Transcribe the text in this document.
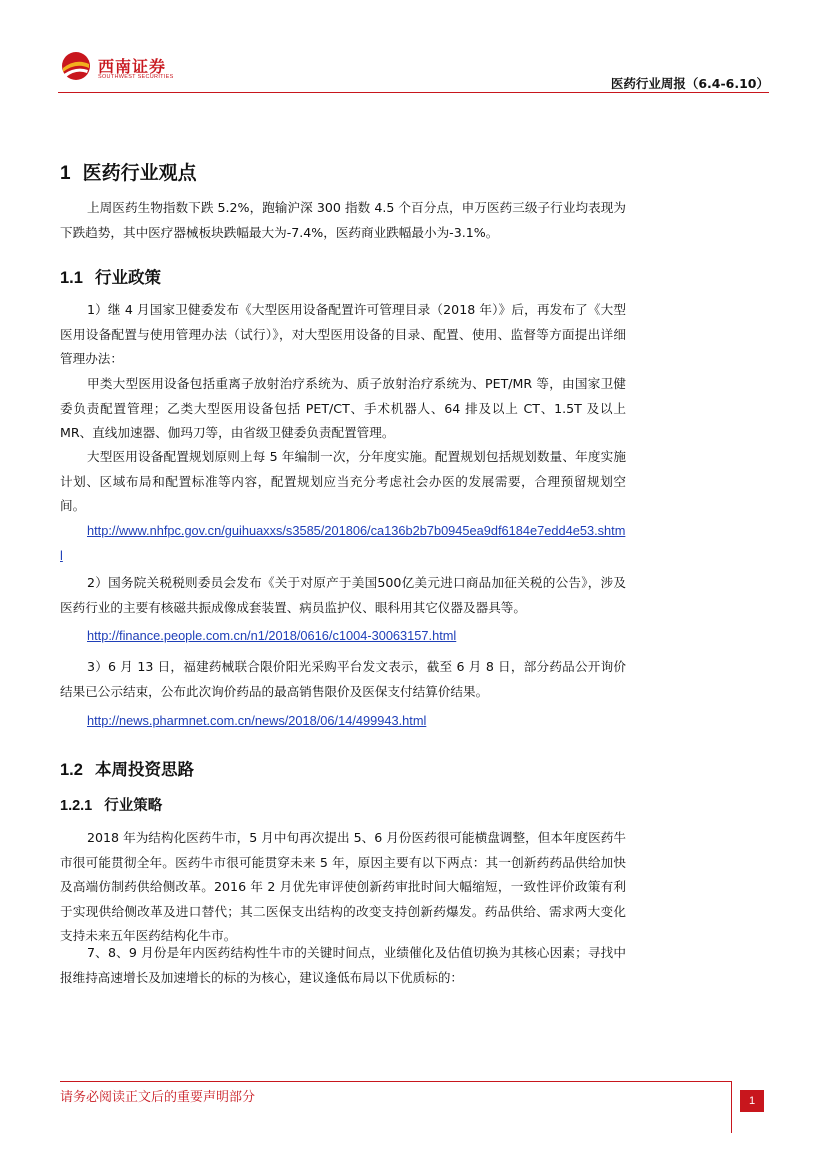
西南证券
SOUTHWEST SECURITIES	医药行业周报（6.4-6.10）
1 医药行业观点

上周医药生物指数下跌 5.2%，跑输沪深 300 指数 4.5 个百分点，申万医药三级子行业均表现为下跌趋势，其中医疗器械板块跌幅最大为-7.4%，医药商业跌幅最小为-3.1%。

1.1 行业政策

1）继 4 月国家卫健委发布《大型医用设备配置许可管理目录（2018 年）》后，再发布了《大型医用设备配置与使用管理办法（试行）》，对大型医用设备的目录、配置、使用、监督等方面提出详细管理办法：

甲类大型医用设备包括重离子放射治疗系统为、质子放射治疗系统为、PET/MR 等，由国家卫健委负责配置管理；乙类大型医用设备包括 PET/CT、手术机器人、64 排及以上 CT、1.5T 及以上 MR、直线加速器、伽玛刀等，由省级卫健委负责配置管理。

大型医用设备配置规划原则上每 5 年编制一次，分年度实施。配置规划包括规划数量、年度实施计划、区域布局和配置标准等内容，配置规划应当充分考虑社会办医的发展需要，合理预留规划空间。

http://www.nhfpc.gov.cn/guihuaxxs/s3585/201806/ca136b2b7b0945ea9df6184e7edd4e53.shtml

2）国务院关税税则委员会发布《关于对原产于美国500亿美元进口商品加征关税的公告》，涉及医药行业的主要有核磁共振成像成套装置、病员监护仪、眼科用其它仪器及器具等。

http://finance.people.com.cn/n1/2018/0616/c1004-30063157.html

3）6 月 13 日，福建药械联合限价阳光采购平台发文表示，截至 6 月 8 日，部分药品公开询价结果已公示结束，公布此次询价药品的最高销售限价及医保支付结算价结果。

http://news.pharmnet.com.cn/news/2018/06/14/499943.html

1.2 本周投资思路
1.2.1 行业策略

2018 年为结构化医药牛市，5 月中旬再次提出 5、6 月份医药很可能横盘调整，但本年度医药牛市很可能贯彻全年。医药牛市很可能贯穿未来 5 年，原因主要有以下两点：其一创新药药品供给加快及高端仿制药供给侧改革。2016 年 2 月优先审评使创新药审批时间大幅缩短，一致性评价政策有利于实现供给侧改革及进口替代；其二医保支出结构的改变支持创新药爆发。药品供给、需求两大变化支持未来五年医药结构化牛市。

7、8、9 月份是年内医药结构性牛市的关键时间点，业绩催化及估值切换为其核心因素；寻找中报维持高速增长及加速增长的标的为核心，建议逢低布局以下优质标的：

请务必阅读正文后的重要声明部分	1
